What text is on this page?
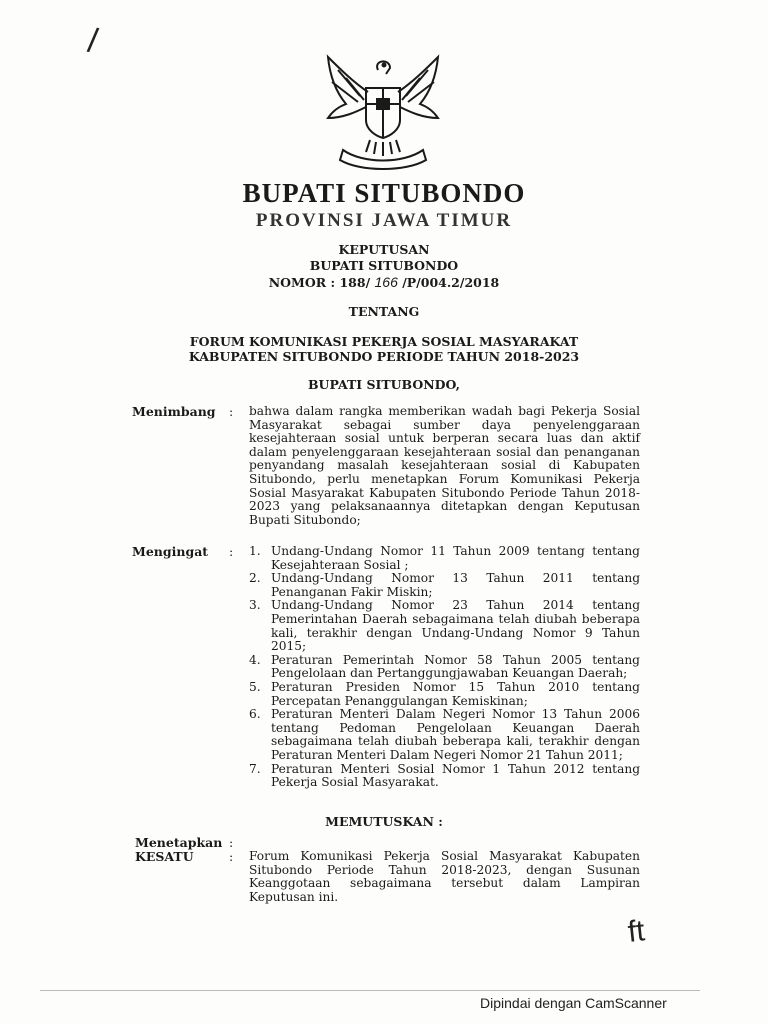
/
BUPATI SITUBONDO
PROVINSI JAWA TIMUR
KEPUTUSAN
BUPATI SITUBONDO
NOMOR : 188/ 166 /P/004.2/2018
TENTANG
FORUM KOMUNIKASI PEKERJA SOSIAL MASYARAKAT
KABUPATEN SITUBONDO PERIODE TAHUN 2018-2023
BUPATI SITUBONDO,
Menimbang : bahwa dalam rangka memberikan wadah bagi Pekerja Sosial Masyarakat sebagai sumber daya penyelenggaraan kesejahteraan sosial untuk berperan secara luas dan aktif dalam penyelenggaraan kesejahteraan sosial dan penanganan penyandang masalah kesejahteraan sosial di Kabupaten Situbondo, perlu menetapkan Forum Komunikasi Pekerja Sosial Masyarakat Kabupaten Situbondo Periode Tahun 2018-2023 yang pelaksanaannya ditetapkan dengan Keputusan Bupati Situbondo;

Mengingat : 1. Undang-Undang Nomor 11 Tahun 2009 tentang tentang Kesejahteraan Sosial ;
2. Undang-Undang Nomor 13 Tahun 2011 tentang Penanganan Fakir Miskin;
3. Undang-Undang Nomor 23 Tahun 2014 tentang Pemerintahan Daerah sebagaimana telah diubah beberapa kali, terakhir dengan Undang-Undang Nomor 9 Tahun 2015;
4. Peraturan Pemerintah Nomor 58 Tahun 2005 tentang Pengelolaan dan Pertanggungjawaban Keuangan Daerah;
5. Peraturan Presiden Nomor 15 Tahun 2010 tentang Percepatan Penanggulangan Kemiskinan;
6. Peraturan Menteri Dalam Negeri Nomor 13 Tahun 2006 tentang Pedoman Pengelolaan Keuangan Daerah sebagaimana telah diubah beberapa kali, terakhir dengan Peraturan Menteri Dalam Negeri Nomor 21 Tahun 2011;
7. Peraturan Menteri Sosial Nomor 1 Tahun 2012 tentang Pekerja Sosial Masyarakat.
MEMUTUSKAN :
Menetapkan :
KESATU	: Forum Komunikasi Pekerja Sosial Masyarakat Kabupaten Situbondo Periode Tahun 2018-2023, dengan Susunan Keanggotaan sebagaimana tersebut dalam Lampiran Keputusan ini.

ft
Dipindai dengan CamScanner
